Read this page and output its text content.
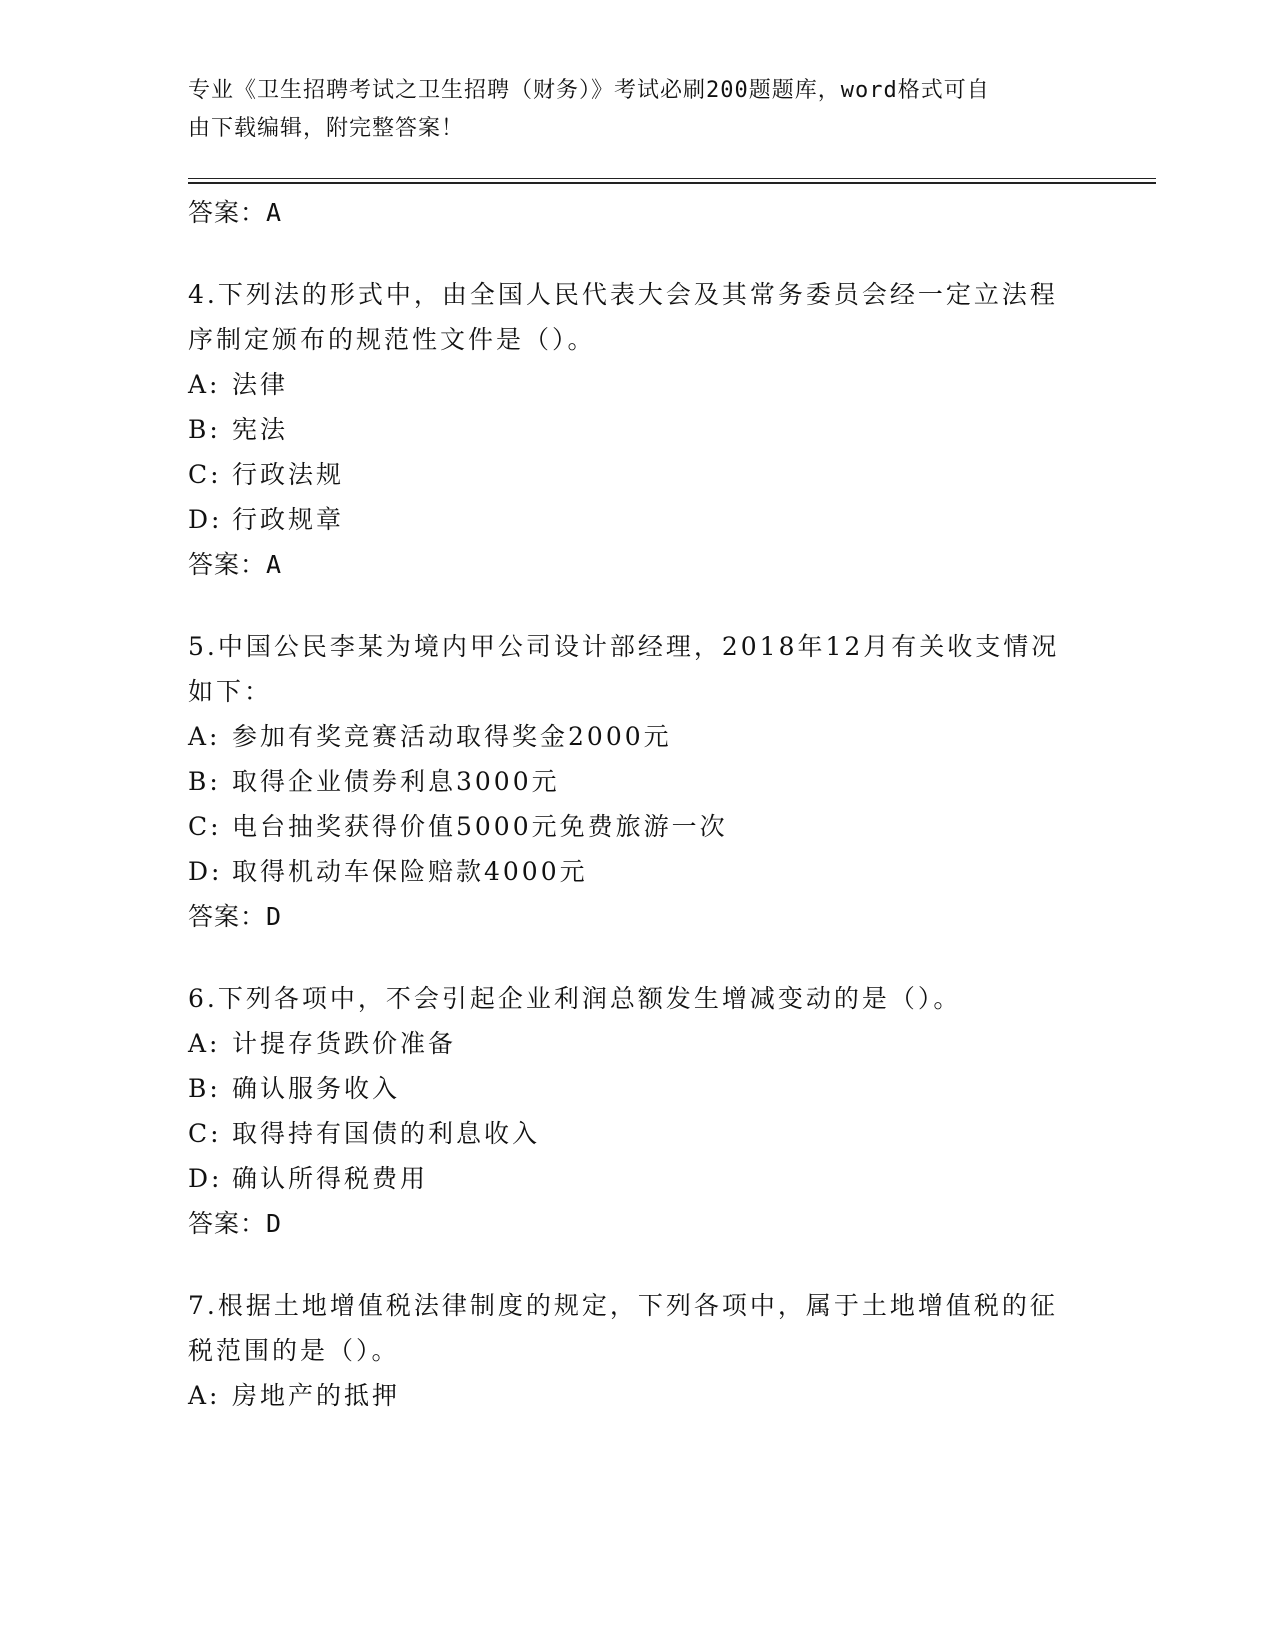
专业《卫生招聘考试之卫生招聘（财务）》考试必刷200题题库，word格式可自
由下载编辑，附完整答案！
答案：A
4.下列法的形式中，由全国人民代表大会及其常务委员会经一定立法程序制定颁布的规范性文件是（）。
A: 法律
B: 宪法
C: 行政法规
D: 行政规章
答案：A
5.中国公民李某为境内甲公司设计部经理，2018年12月有关收支情况如下：
A: 参加有奖竞赛活动取得奖金2000元
B: 取得企业债券利息3000元
C: 电台抽奖获得价值5000元免费旅游一次
D: 取得机动车保险赔款4000元
答案：D
6.下列各项中，不会引起企业利润总额发生增减变动的是（）。
A: 计提存货跌价准备
B: 确认服务收入
C: 取得持有国债的利息收入
D: 确认所得税费用
答案：D
7.根据土地增值税法律制度的规定，下列各项中，属于土地增值税的征税范围的是（）。
A: 房地产的抵押
